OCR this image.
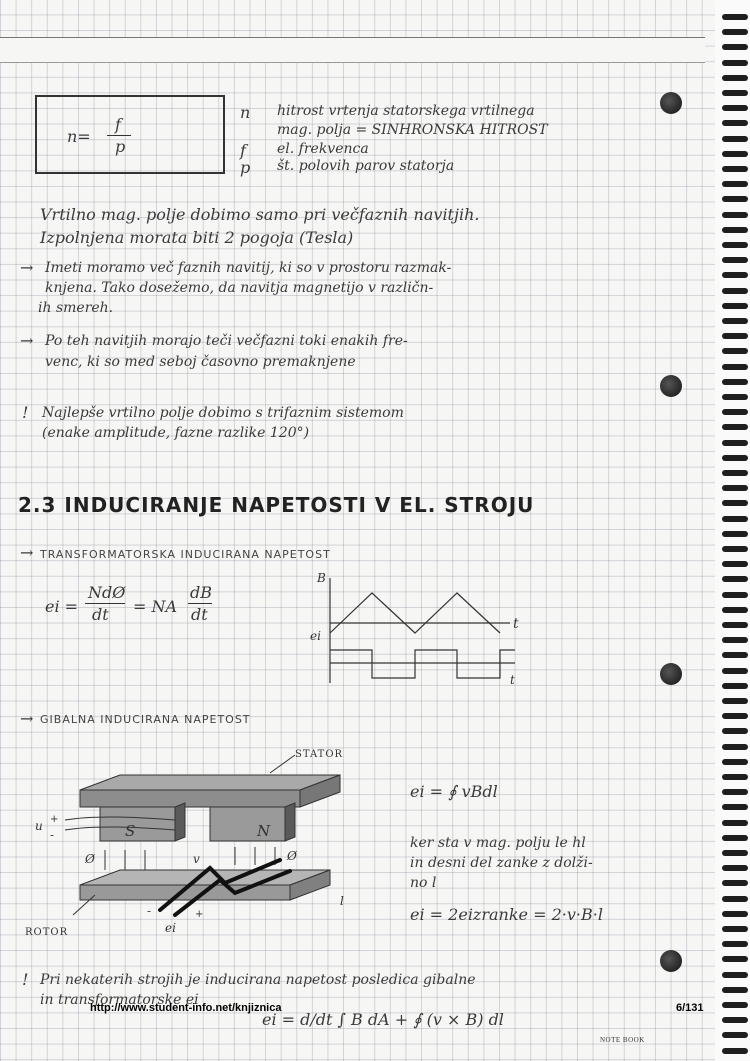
n=
f
p
n hitrost vrtenja statorskega vrtilnega
mag. polja = SINHRONSKA HITROST
f el. frekvenca
p št. polovih parov statorja
Vrtilno mag. polje dobimo samo pri večfaznih navitjih.
Izpolnjena morata biti 2 pogoja (Tesla)
→ Imeti moramo več faznih navitij, ki so v prostoru razmak-
knjena. Tako dosežemo, da navitja magnetijo v različn-
ih smereh.
→ Po teh navitjih morajo teči večfazni toki enakih fre-
venc, ki so med seboj časovno premaknjene
! Najlepše vrtilno polje dobimo s trifaznim sistemom
(enake amplitude, fazne razlike 120°)
2.3 INDUCIRANJE NAPETOSTI V EL. STROJU
→ TRANSFORMATORSKA INDUCIRANA NAPETOST
ei =
NdØ
dt = NA
dB
dt
B
t
ei
t
→ GIBALNA INDUCIRANA NAPETOST
S	N
STATOR
ROTOR
u +
-
Ø	Ø
v
l
-	+
ei
ei = ∮ vBdl
ker sta v mag. polju le hl
in desni del zanke z dolži-
no l
ei = 2eizranke = 2·v·B·l
! Pri nekaterih strojih je inducirana napetost posledica gibalne
in transformatorske ei
ei = d/dt ∫ B dA + ∮ (v × B) dl
http://www.student-info.net/knjiznica	6/131
NOTE BOOK
